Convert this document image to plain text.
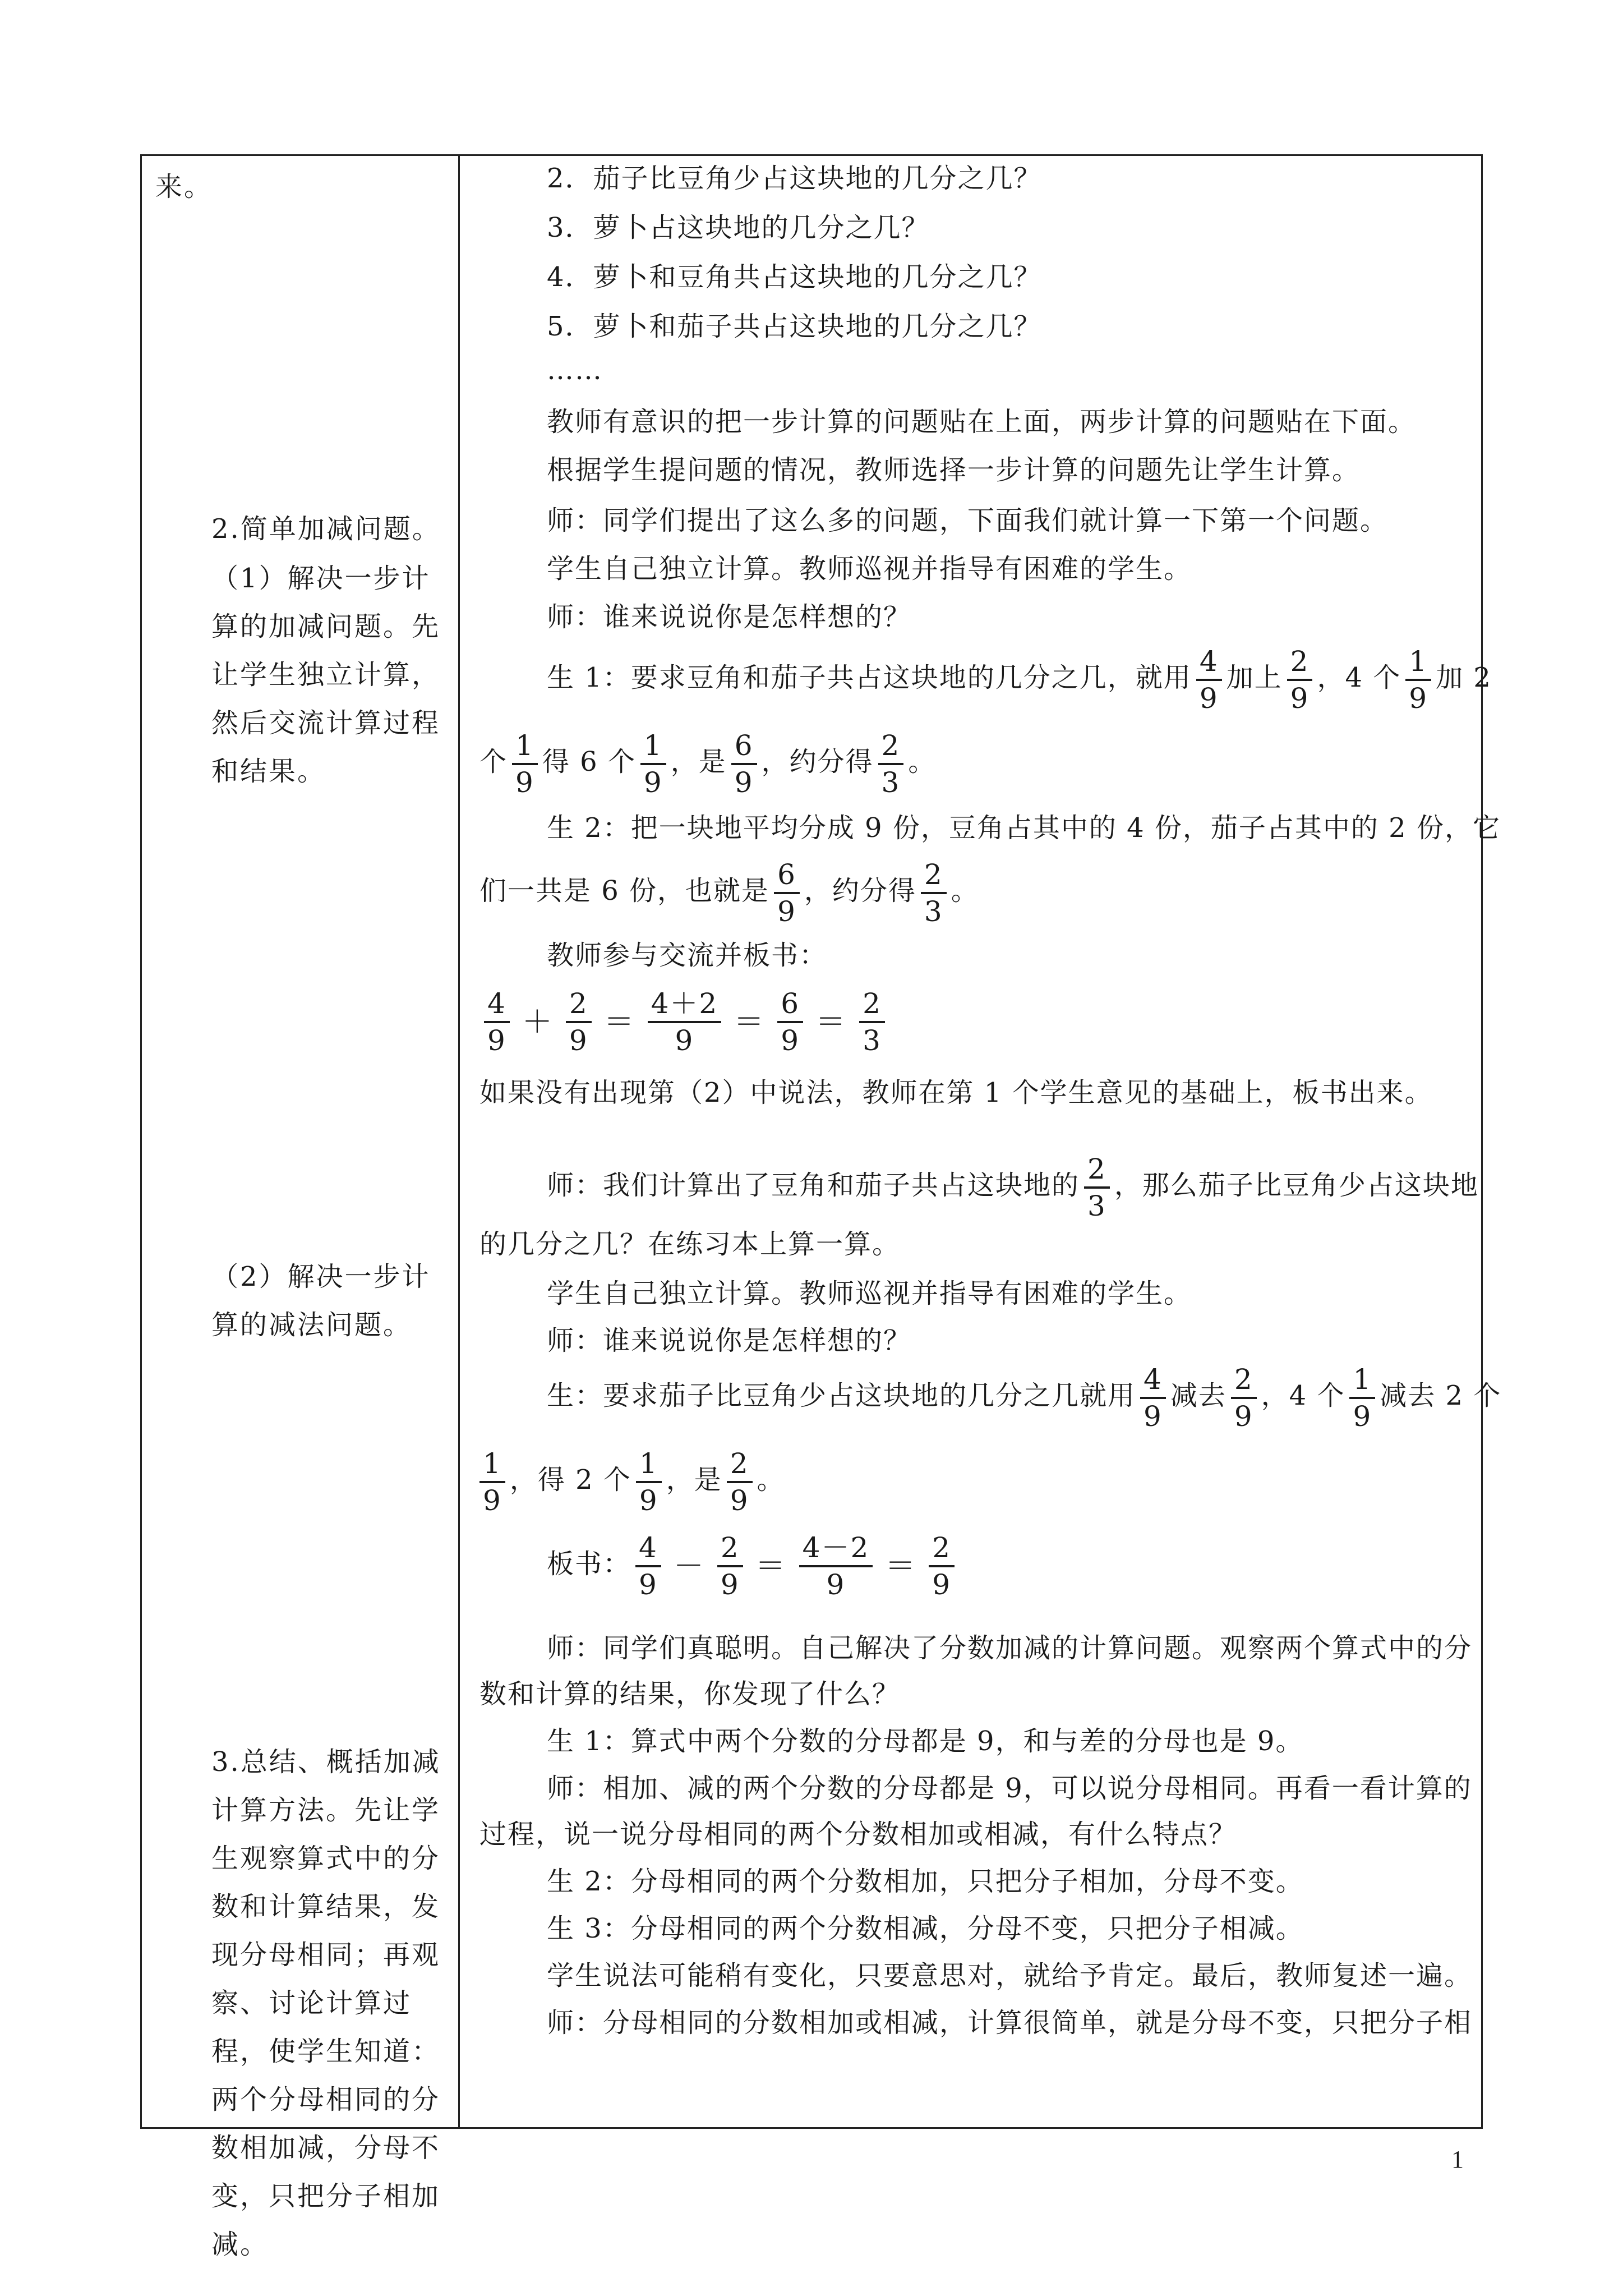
来。
2.简单加减问题。
（1）解决一步计算的加减问题。先让学生独立计算，然后交流计算过程和结果。
（2）解决一步计算的减法问题。
3.总结、概括加减计算方法。先让学生观察算式中的分数和计算结果，发现分母相同；再观察、讨论计算过程，使学生知道：两个分母相同的分数相加减，分母不变，只把分子相加减。
2．茄子比豆角少占这块地的几分之几？
3．萝卜占这块地的几分之几？
4．萝卜和豆角共占这块地的几分之几？
5．萝卜和茄子共占这块地的几分之几？
……
教师有意识的把一步计算的问题贴在上面，两步计算的问题贴在下面。
根据学生提问题的情况，教师选择一步计算的问题先让学生计算。
师：同学们提出了这么多的问题，下面我们就计算一下第一个问题。
学生自己独立计算。教师巡视并指导有困难的学生。
师：谁来说说你是怎样想的？
生 1：要求豆角和茄子共占这块地的几分之几，就用 $\frac{4}{9}$ 加上 $\frac{2}{9}$ ，4 个 $\frac{1}{9}$ 加 2
个 $\frac{1}{9}$ 得 6 个 $\frac{1}{9}$ ，是 $\frac{6}{9}$ ，约分得 $\frac{2}{3}$ 。
生 2：把一块地平均分成 9 份，豆角占其中的 4 份，茄子占其中的 2 份，它
们一共是 6 份，也就是 $\frac{6}{9}$ ，约分得 $\frac{2}{3}$ 。
教师参与交流并板书：
$\frac{4}{9} + \frac{2}{9} = \frac{4+2}{9} = \frac{6}{9} = \frac{2}{3}$
如果没有出现第（2）中说法，教师在第 1 个学生意见的基础上，板书出来。
师：我们计算出了豆角和茄子共占这块地的 $\frac{2}{3}$ ，那么茄子比豆角少占这块地
的几分之几？在练习本上算一算。
学生自己独立计算。教师巡视并指导有困难的学生。
师：谁来说说你是怎样想的？
生：要求茄子比豆角少占这块地的几分之几就用 $\frac{4}{9}$ 减去 $\frac{2}{9}$ ，4 个 $\frac{1}{9}$ 减去 2 个
$\frac{1}{9}$ ，得 2 个 $\frac{1}{9}$ ，是 $\frac{2}{9}$ 。
板书： $\frac{4}{9} - \frac{2}{9} = \frac{4-2}{9} = \frac{2}{9}$
师：同学们真聪明。自己解决了分数加减的计算问题。观察两个算式中的分
数和计算的结果，你发现了什么？
生 1：算式中两个分数的分母都是 9，和与差的分母也是 9。
师：相加、减的两个分数的分母都是 9，可以说分母相同。再看一看计算的
过程，说一说分母相同的两个分数相加或相减，有什么特点？
生 2：分母相同的两个分数相加，只把分子相加，分母不变。
生 3：分母相同的两个分数相减，分母不变，只把分子相减。
学生说法可能稍有变化，只要意思对，就给予肯定。最后，教师复述一遍。
师：分母相同的分数相加或相减，计算很简单，就是分母不变，只把分子相
1
